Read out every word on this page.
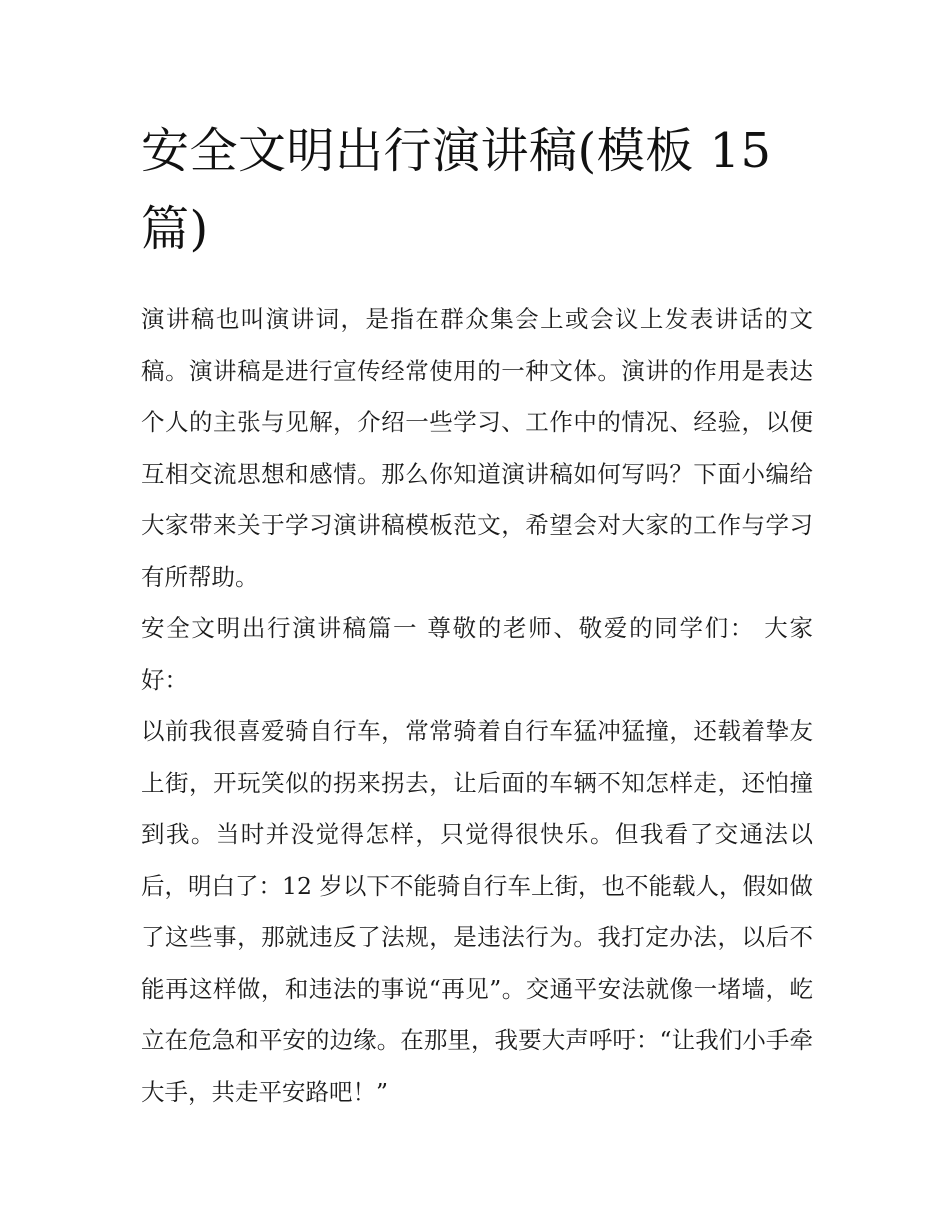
安全文明出行演讲稿(模板 15 篇)

演讲稿也叫演讲词，是指在群众集会上或会议上发表讲话的文稿。演讲稿是进行宣传经常使用的一种文体。演讲的作用是表达个人的主张与见解，介绍一些学习、工作中的情况、经验，以便互相交流思想和感情。那么你知道演讲稿如何写吗？下面小编给大家带来关于学习演讲稿模板范文，希望会对大家的工作与学习有所帮助。

安全文明出行演讲稿篇一 尊敬的老师、敬爱的同学们： 大家好：

以前我很喜爱骑自行车，常常骑着自行车猛冲猛撞，还载着挚友上街，开玩笑似的拐来拐去，让后面的车辆不知怎样走，还怕撞到我。当时并没觉得怎样，只觉得很快乐。但我看了交通法以后，明白了：12 岁以下不能骑自行车上街，也不能载人，假如做了这些事，那就违反了法规，是违法行为。我打定办法，以后不能再这样做，和违法的事说“再见”。交通平安法就像一堵墙，屹立在危急和平安的边缘。在那里，我要大声呼吁：“让我们小手牵大手，共走平安路吧！”
